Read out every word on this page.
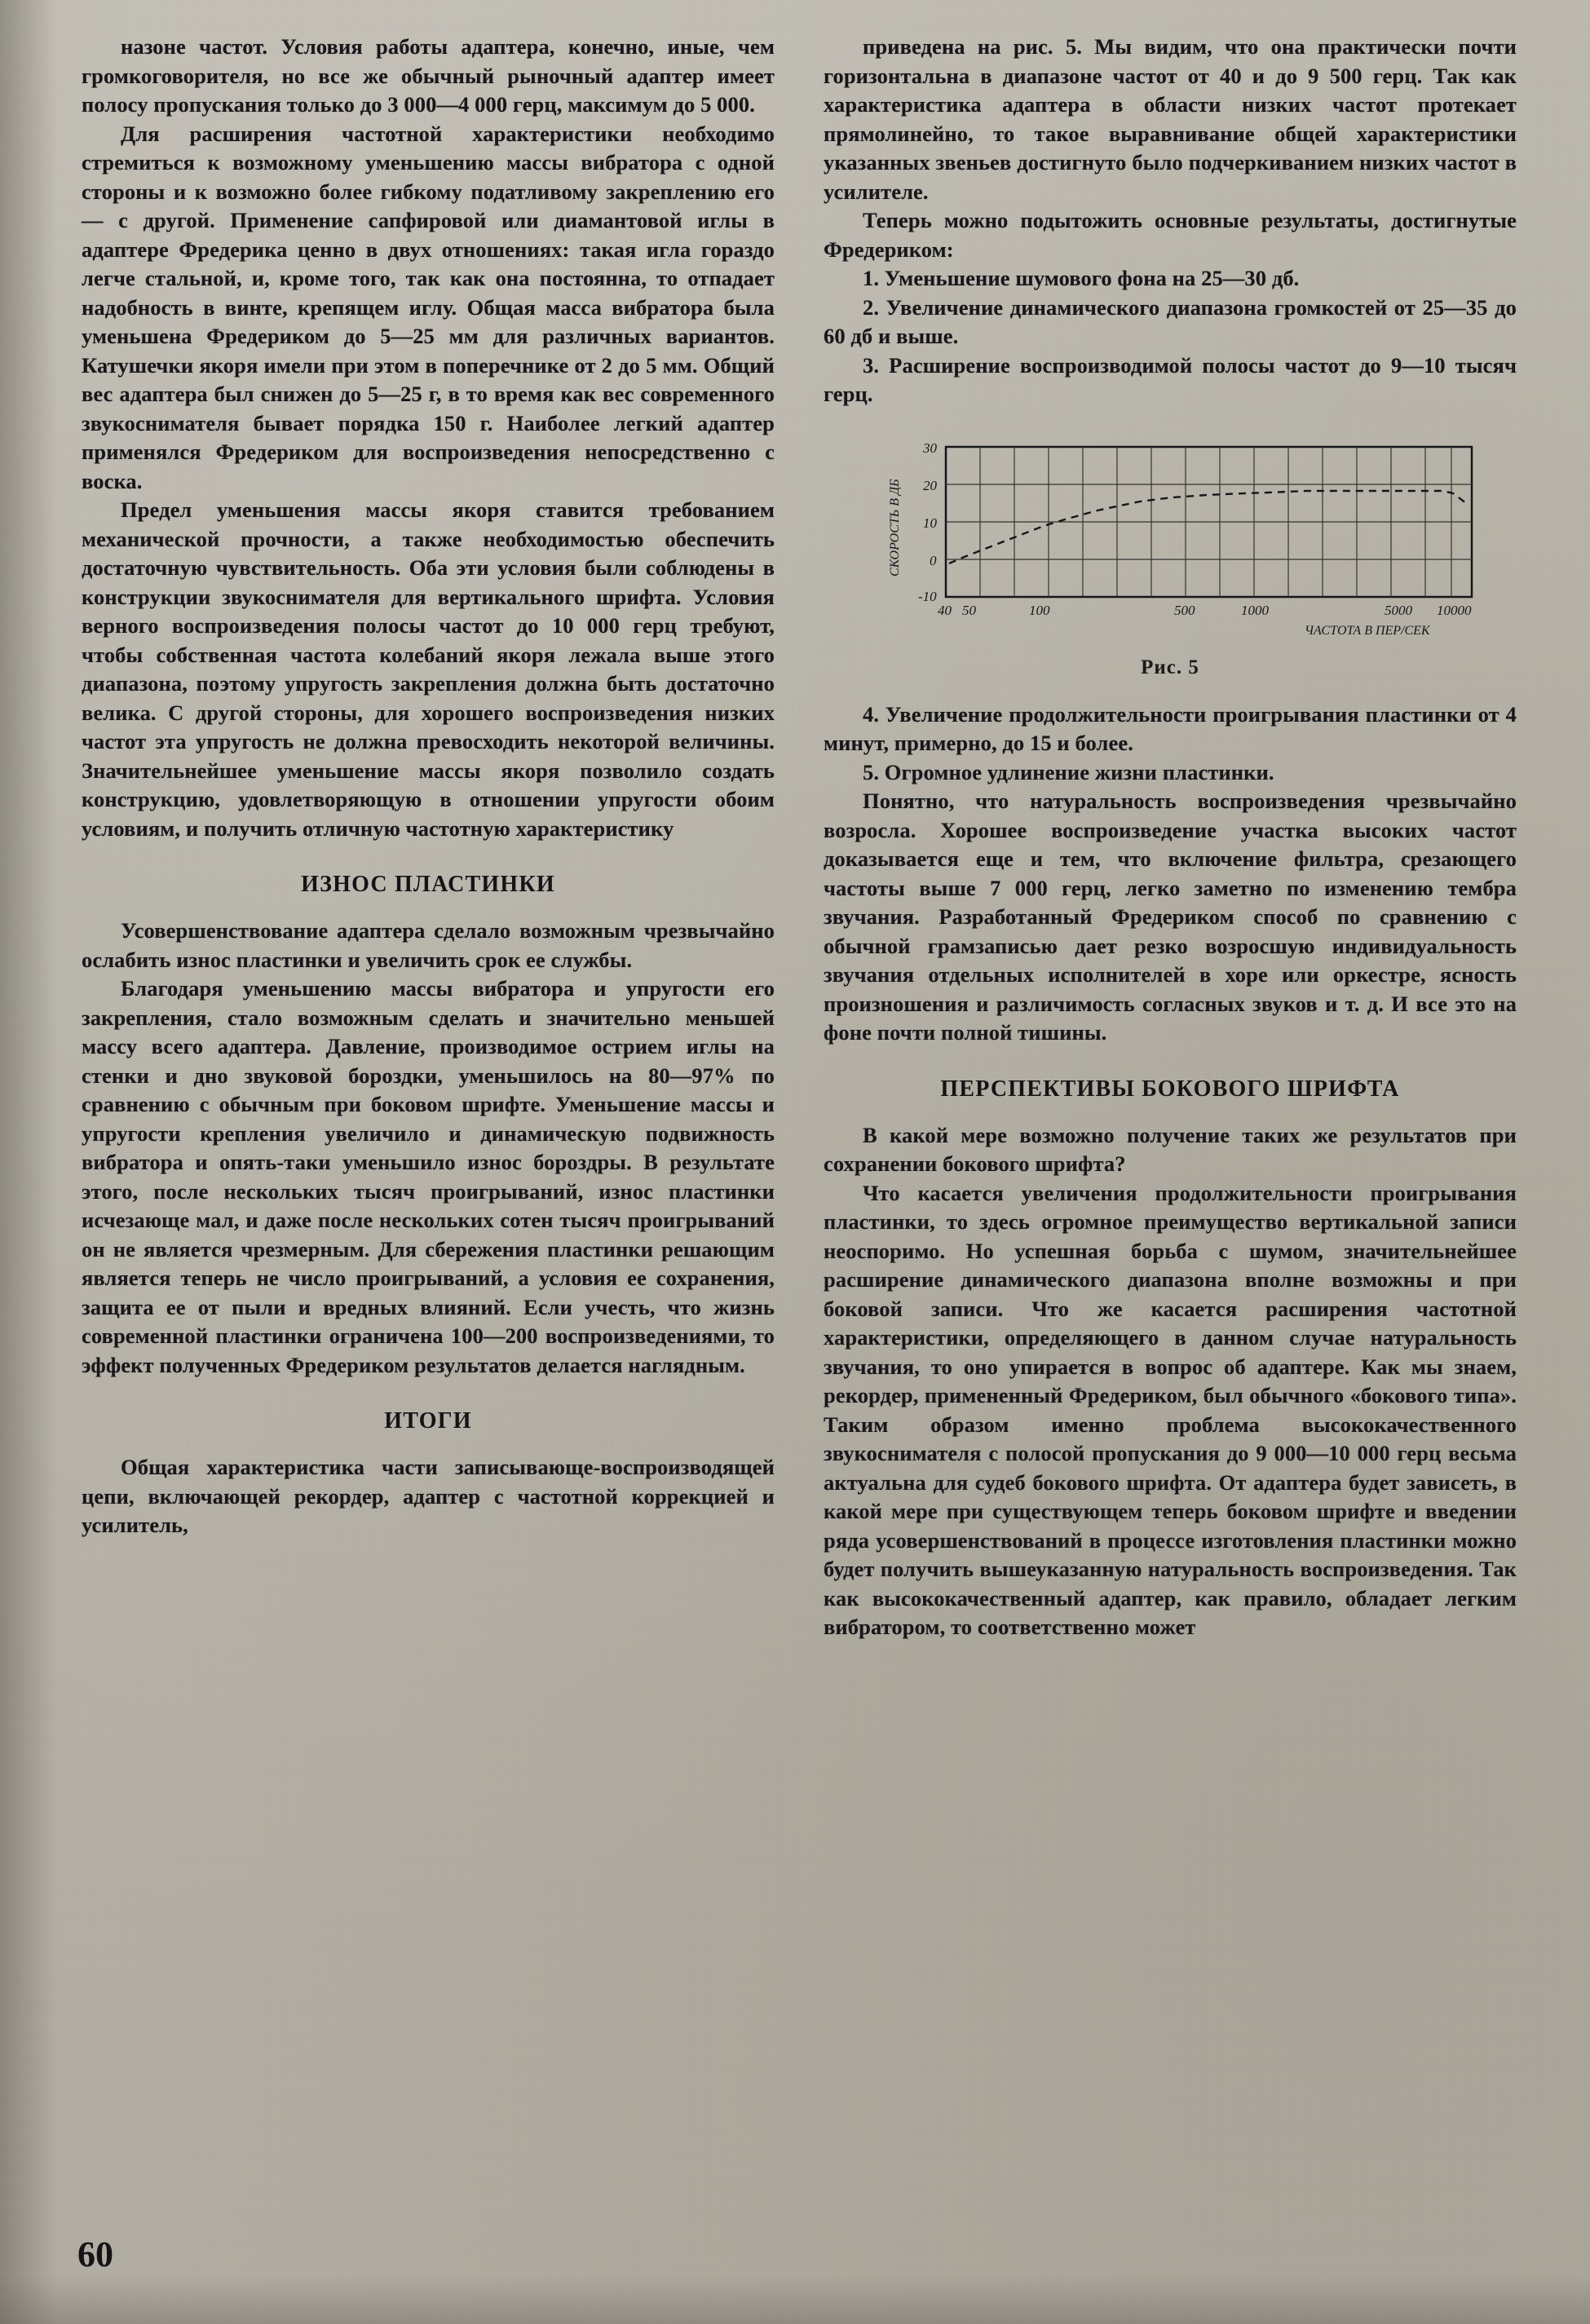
назоне частот. Условия работы адаптера, конечно, иные, чем громкоговорителя, но все же обычный рыночный адаптер имеет полосу пропускания только до 3 000—4 000 герц, максимум до 5 000.

Для расширения частотной характеристики необходимо стремиться к возможному уменьшению массы вибратора с одной стороны и к возможно более гибкому податливому закреплению его — с другой. Применение сапфировой или диамантовой иглы в адаптере Фредерика ценно в двух отношениях: такая игла гораздо легче стальной, и, кроме того, так как она постоянна, то отпадает надобность в винте, крепящем иглу. Общая масса вибратора была уменьшена Фредериком до 5—25 мм для различных вариантов. Катушечки якоря имели при этом в поперечнике от 2 до 5 мм. Общий вес адаптера был снижен до 5—25 г, в то время как вес современного звукоснимателя бывает порядка 150 г. Наиболее легкий адаптер применялся Фредериком для воспроизведения непосредственно с воска.

Предел уменьшения массы якоря ставится требованием механической прочности, а также необходимостью обеспечить достаточную чувствительность. Оба эти условия были соблюдены в конструкции звукоснимателя для вертикального шрифта. Условия верного воспроизведения полосы частот до 10 000 герц требуют, чтобы собственная частота колебаний якоря лежала выше этого диапазона, поэтому упругость закрепления должна быть достаточно велика. С другой стороны, для хорошего воспроизведения низких частот эта упругость не должна превосходить некоторой величины. Значительнейшее уменьшение массы якоря позволило создать конструкцию, удовлетворяющую в отношении упругости обоим условиям, и получить отличную частотную характеристику

ИЗНОС ПЛАСТИНКИ

Усовершенствование адаптера сделало возможным чрезвычайно ослабить износ пластинки и увеличить срок ее службы.

Благодаря уменьшению массы вибратора и упругости его закрепления, стало возможным сделать и значительно меньшей массу всего адаптера. Давление, производимое острием иглы на стенки и дно звуковой бороздки, уменьшилось на 80—97% по сравнению с обычным при боковом шрифте. Уменьшение массы и упругости крепления увеличило и динамическую подвижность вибратора и опять-таки уменьшило износ бороздры. В результате этого, после нескольких тысяч проигрываний, износ пластинки исчезающе мал, и даже после нескольких сотен тысяч проигрываний он не является чрезмерным. Для сбережения пластинки решающим является теперь не число проигрываний, а условия ее сохранения, защита ее от пыли и вредных влияний. Если учесть, что жизнь современной пластинки ограничена 100—200 воспроизведениями, то эффект полученных Фредериком результатов делается наглядным.

ИТОГИ

Общая характеристика части записывающе-воспроизводящей цепи, включающей рекордер, адаптер с частотной коррекцией и усилитель,

приведена на рис. 5. Мы видим, что она практически почти горизонтальна в диапазоне частот от 40 и до 9 500 герц. Так как характеристика адаптера в области низких частот протекает прямолинейно, то такое выравнивание общей характеристики указанных звеньев достигнуто было подчеркиванием низких частот в усилителе.

Теперь можно подытожить основные результаты, достигнутые Фредериком:

1. Уменьшение шумового фона на 25—30 дб.

2. Увеличение динамического диапазона громкостей от 25—35 до 60 дб и выше.

3. Расширение воспроизводимой полосы частот до 9—10 тысяч герц.

30
20
10
0
-10
СКОРОСТЬ В ДБ
40 50	100	500	1000	5000 10000
ЧАСТОТА В ПЕР/СЕК
Рис. 5

4. Увеличение продолжительности проигрывания пластинки от 4 минут, примерно, до 15 и более.

5. Огромное удлинение жизни пластинки.

Понятно, что натуральность воспроизведения чрезвычайно возросла. Хорошее воспроизведение участка высоких частот доказывается еще и тем, что включение фильтра, срезающего частоты выше 7 000 герц, легко заметно по изменению тембра звучания. Разработанный Фредериком способ по сравнению с обычной грамзаписью дает резко возросшую индивидуальность звучания отдельных исполнителей в хоре или оркестре, ясность произношения и различимость согласных звуков и т. д. И все это на фоне почти полной тишины.

ПЕРСПЕКТИВЫ БОКОВОГО ШРИФТА

В какой мере возможно получение таких же результатов при сохранении бокового шрифта?

Что касается увеличения продолжительности проигрывания пластинки, то здесь огромное преимущество вертикальной записи неоспоримо. Но успешная борьба с шумом, значительнейшее расширение динамического диапазона вполне возможны и при боковой записи. Что же касается расширения частотной характеристики, определяющего в данном случае натуральность звучания, то оно упирается в вопрос об адаптере. Как мы знаем, рекордер, примененный Фредериком, был обычного «бокового типа». Таким образом именно проблема высококачественного звукоснимателя с полосой пропускания до 9 000—10 000 герц весьма актуальна для судеб бокового шрифта. От адаптера будет зависеть, в какой мере при существующем теперь боковом шрифте и введении ряда усовершенствований в процессе изготовления пластинки можно будет получить вышеуказанную натуральность воспроизведения. Так как высококачественный адаптер, как правило, обладает легким вибратором, то соответственно может

60
